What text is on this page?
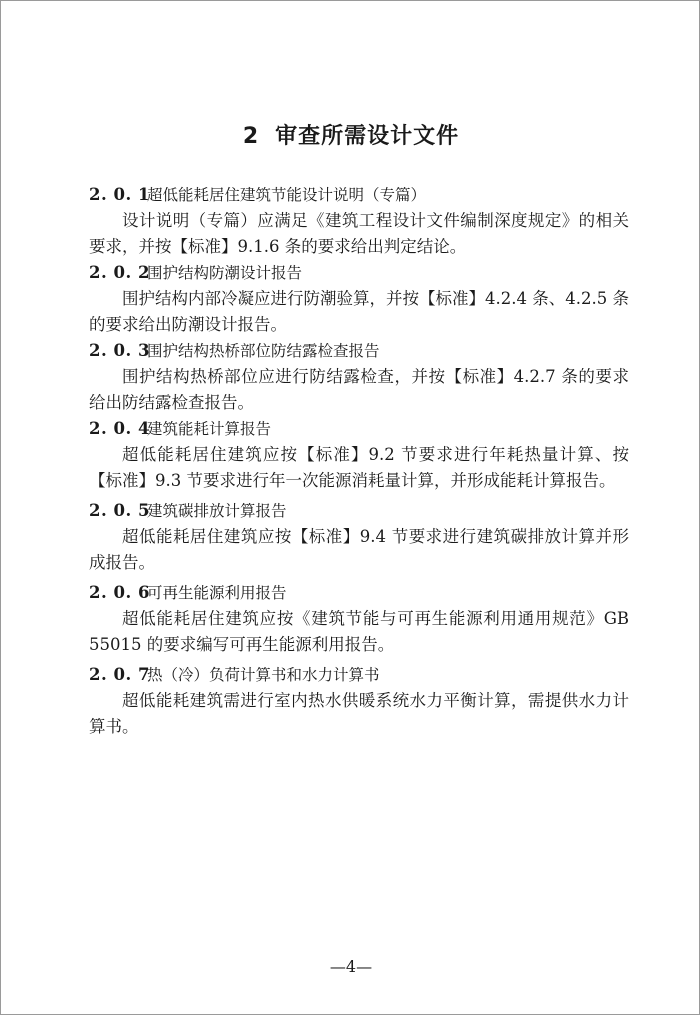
2 审查所需设计文件
2. 0. 1超低能耗居住建筑节能设计说明（专篇）

设计说明（专篇）应满足《建筑工程设计文件编制深度规定》的相关要求，并按【标准】9.1.6 条的要求给出判定结论。

2. 0. 2围护结构防潮设计报告

围护结构内部冷凝应进行防潮验算，并按【标准】4.2.4 条、4.2.5 条的要求给出防潮设计报告。

2. 0. 3围护结构热桥部位防结露检查报告

围护结构热桥部位应进行防结露检查，并按【标准】4.2.7 条的要求给出防结露检查报告。

2. 0. 4建筑能耗计算报告

超低能耗居住建筑应按【标准】9.2 节要求进行年耗热量计算、按【标准】9.3 节要求进行年一次能源消耗量计算，并形成能耗计算报告。

2. 0. 5建筑碳排放计算报告

超低能耗居住建筑应按【标准】9.4 节要求进行建筑碳排放计算并形成报告。

2. 0. 6可再生能源利用报告

超低能耗居住建筑应按《建筑节能与可再生能源利用通用规范》GB 55015 的要求编写可再生能源利用报告。

2. 0. 7热（冷）负荷计算书和水力计算书

超低能耗建筑需进行室内热水供暖系统水力平衡计算，需提供水力计算书。

—4—
